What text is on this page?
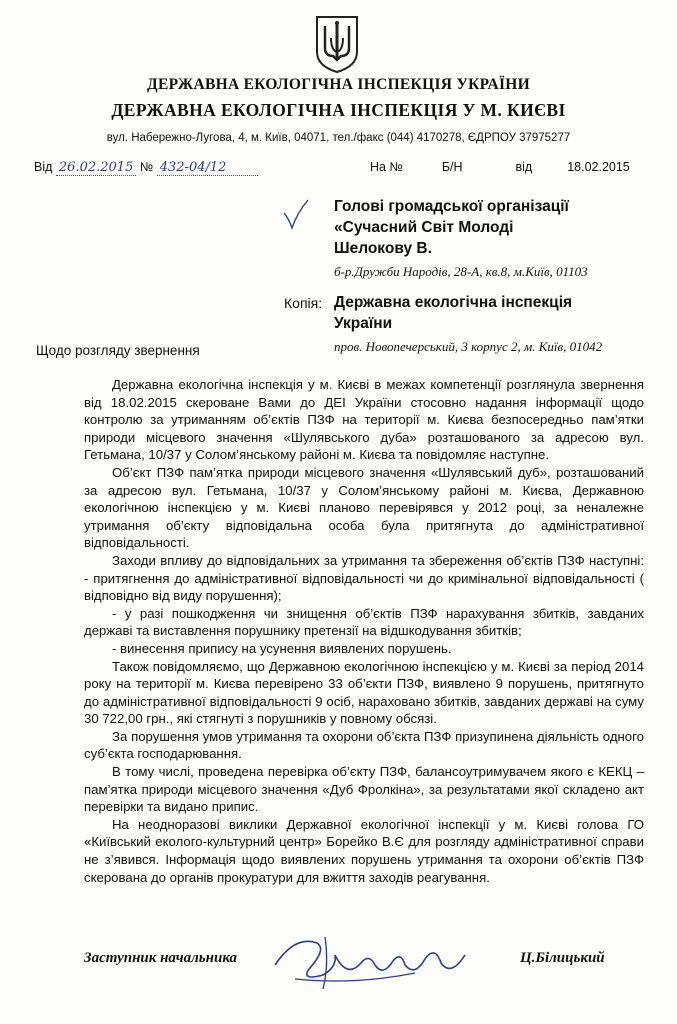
ДЕРЖАВНА ЕКОЛОГІЧНА ІНСПЕКЦІЯ УКРАЇНИ
ДЕРЖАВНА ЕКОЛОГІЧНА ІНСПЕКЦІЯ У М. КИЄВІ
вул. Набережно-Лугова, 4, м. Київ, 04071, тел./факс (044) 4170278, ЄДРПОУ 37975277
Від 26.02.2015 № 432-04/12	На №	Б/Н	від	18.02.2015
Голові громадської організації
«Сучасний Світ Молоді
Шелокову В.
б-р.Дружби Народів, 28-А, кв.8, м.Київ, 01103
Копія: Державна екологічна інспекція
України
пров. Новопечерський, 3 корпус 2, м. Київ, 01042
Щодо розгляду звернення

Державна екологічна інспекція у м. Києві в межах компетенції розглянула звернення від 18.02.2015 скероване Вами до ДЕІ України стосовно надання інформації щодо контролю за утриманням об’єктів ПЗФ на території м. Києва безпосередньо пам’ятки природи місцевого значення «Шулявського дуба» розташованого за адресою вул. Гетьмана, 10/37 у Солом’янському районі м. Києва та повідомляє наступне.

Об’єкт ПЗФ пам’ятка природи місцевого значення «Шулявський дуб», розташований за адресою вул. Гетьмана, 10/37 у Солом’янському районі м. Києва, Державною екологічною інспекцією у м. Києві планово перевірявся у 2012 році, за неналежне утримання об’єкту відповідальна особа була притягнута до адміністративної відповідальності.

Заходи впливу до відповідальних за утримання та збереження об’єктів ПЗФ наступні: - притягнення до адміністративної відповідальності чи до кримінальної відповідальності ( відповідно від виду порушення);

- у разі пошкодження чи знищення об’єктів ПЗФ нарахування збитків, завданих державі та виставлення порушнику претензії на відшкодування збитків;

- винесення припису на усунення виявлених порушень.

Також повідомляємо, що Державною екологічною інспекцією у м. Києві за період 2014 року на території м. Києва перевірено 33 об’єкти ПЗФ, виявлено 9 порушень, притягнуто до адміністративної відповідальності 9 осіб, нараховано збитків, завданих державі на суму 30 722,00 грн., які стягнуті з порушників у повному обсязі.

За порушення умов утримання та охорони об’єкта ПЗФ призупинена діяльність одного суб’єкта господарювання.

В тому числі, проведена перевірка об’єкту ПЗФ, балансоутримувачем якого є КЕКЦ – пам’ятка природи місцевого значення «Дуб Фролкіна», за результатами якої складено акт перевірки та видано припис.

На неодноразові виклики Державної екологічної інспекції у м. Києві голова ГО «Київський еколого-культурний центр» Борейко В.Є для розгляду адміністративної справи не з’явився. Інформація щодо виявлених порушень утримання та охорони об’єктів ПЗФ скерована до органів прокуратури для вжиття заходів реагування.

Заступник начальника	Ц.Білицький
